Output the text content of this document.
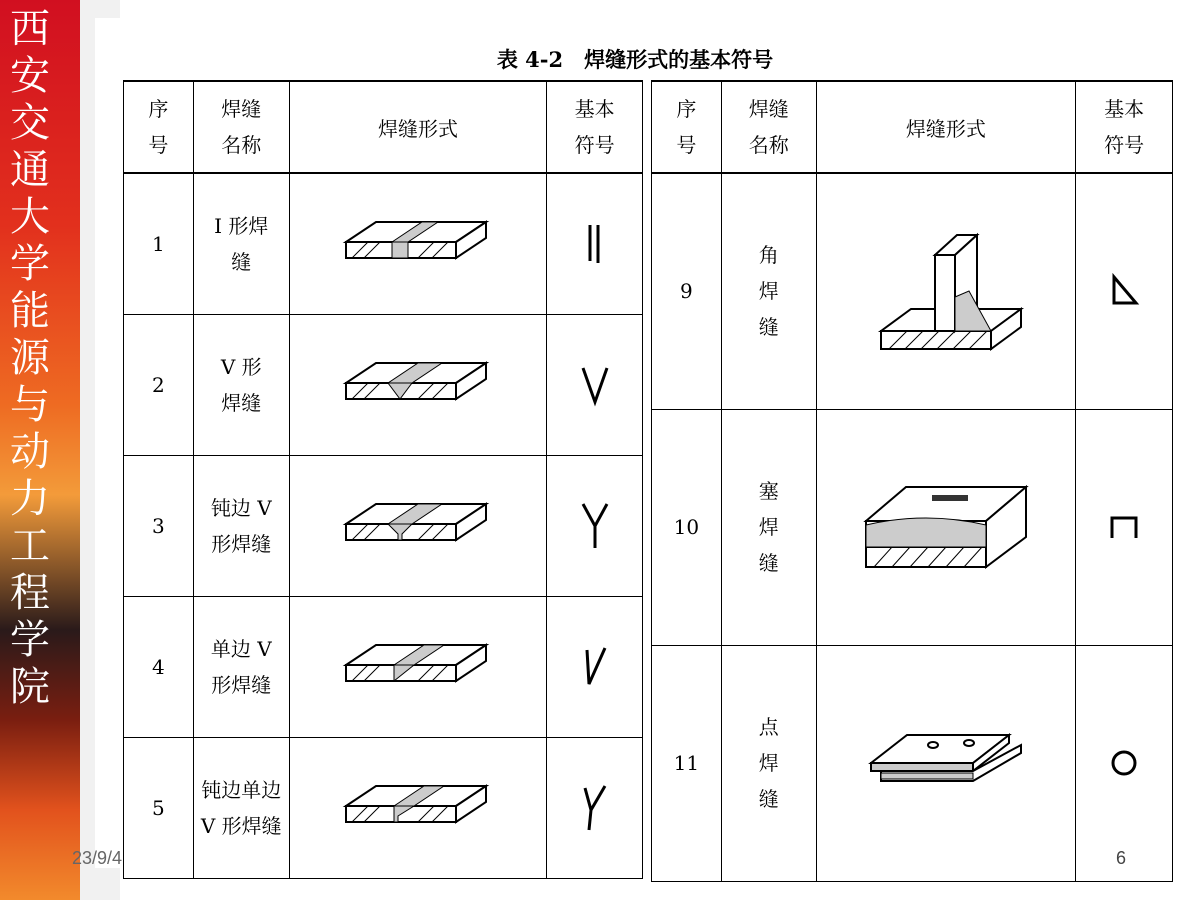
西安交通大学能源与动力工程学院
表 4-2　焊缝形式的基本符号
序号	焊缝名称	焊缝形式	基本符号

1	I 形焊缝

2	V 形焊缝

3	钝边 V 形焊缝

4	单边 V 形焊缝

5	钝边单边 V 形焊缝

序号	焊缝名称	焊缝形式	基本符号

9	角焊缝

10	塞焊缝

11	点焊缝

23/9/4	6
